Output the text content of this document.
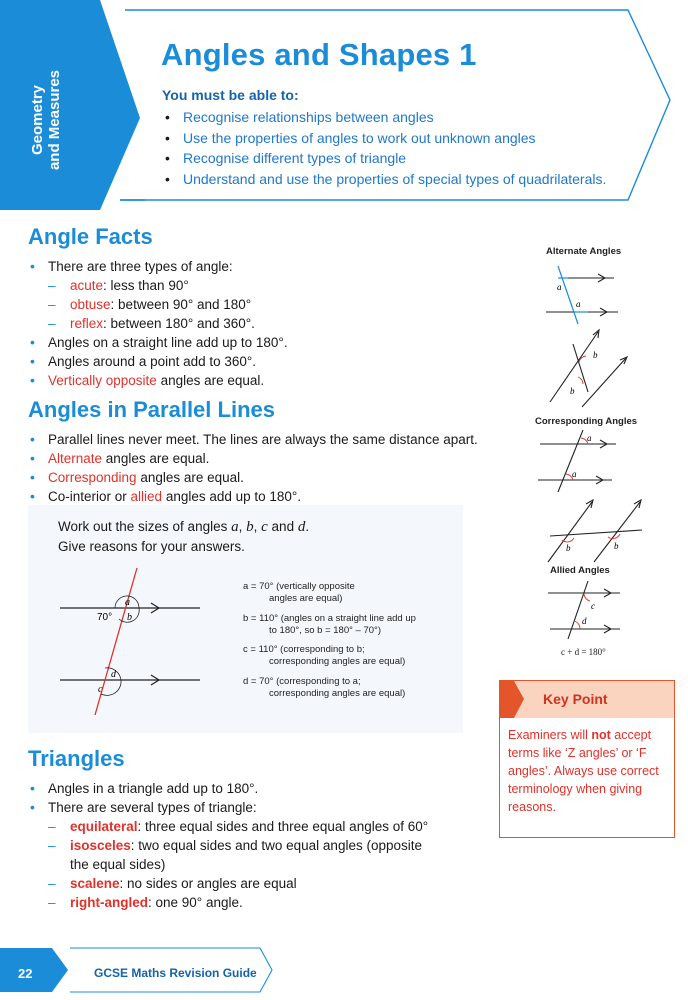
Geometry and Measures
Angles and Shapes 1
You must be able to:
• Recognise relationships between angles
• Use the properties of angles to work out unknown angles
• Recognise different types of triangle
• Understand and use the properties of special types of quadrilaterals.
Angle Facts
• There are three types of angle:
– acute: less than 90°
– obtuse: between 90° and 180°
– reflex: between 180° and 360°.
• Angles on a straight line add up to 180°.
• Angles around a point add to 360°.
• Vertically opposite angles are equal.
Angles in Parallel Lines
• Parallel lines never meet. The lines are always the same distance apart.
• Alternate angles are equal.
• Corresponding angles are equal.
• Co-interior or allied angles add up to 180°.
Work out the sizes of angles a, b, c and d.
Give reasons for your answers.
70°
a
b
d
c
a = 70° (vertically opposite
angles are equal)
b = 110° (angles on a straight line add up
to 180°, so b = 180° – 70°)
c = 110° (corresponding to b;
corresponding angles are equal)
d = 70° (corresponding to a;
corresponding angles are equal)
Triangles
• Angles in a triangle add up to 180°.
• There are several types of triangle:
– equilateral: three equal sides and three equal angles of 60°
– isosceles: two equal sides and two equal angles (opposite
the equal sides)
– scalene: no sides or angles are equal
– right-angled: one 90° angle.
Alternate Angles
a
a
b
b
Corresponding Angles
a
a
b	b
Allied Angles
c
d
c + d = 180°
Key Point
Examiners will not accept terms like ‘Z angles’ or ‘F angles’. Always use correct terminology when giving reasons.
22	GCSE Maths Revision Guide
